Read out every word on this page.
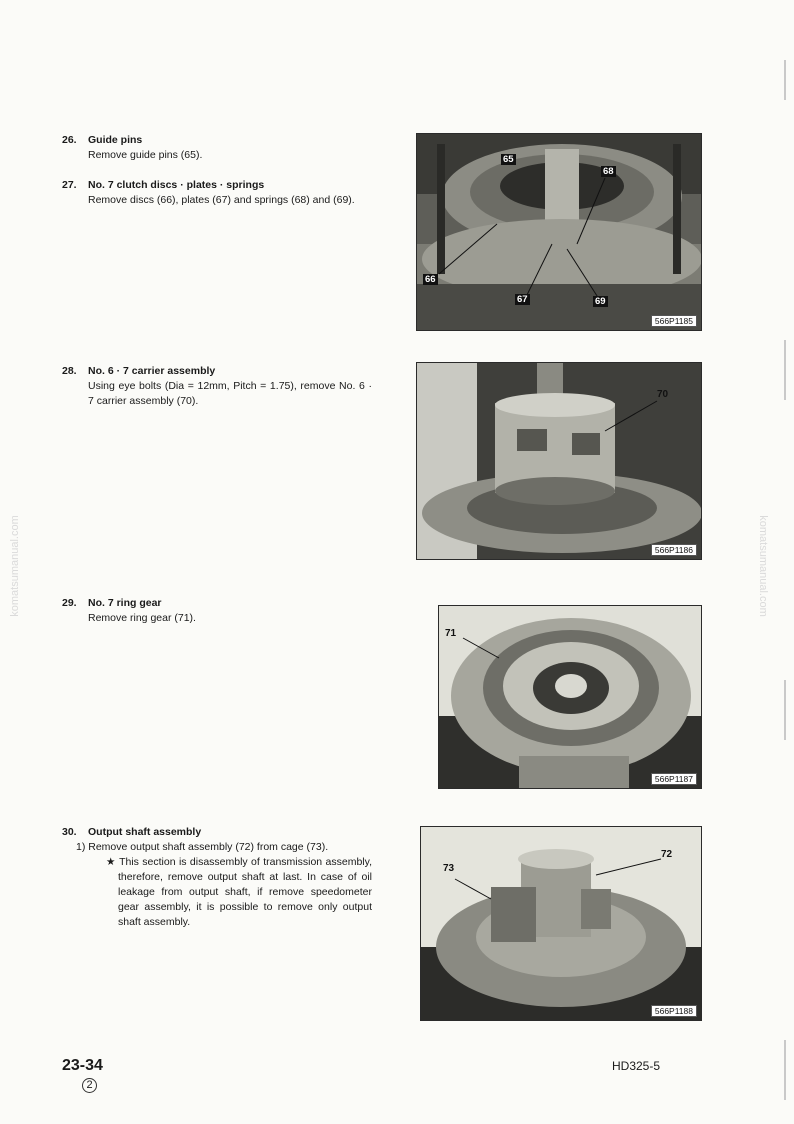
26. Guide pins
Remove guide pins (65).
27. No. 7 clutch discs · plates · springs
Remove discs (66), plates (67) and springs (68) and (69).
28. No. 6 · 7 carrier assembly
Using eye bolts (Dia = 12mm, Pitch = 1.75), remove No. 6 · 7 carrier assembly (70).
29. No. 7 ring gear
Remove ring gear (71).
30. Output shaft assembly
1) Remove output shaft assembly (72) from cage (73).
★ This section is disassembly of transmission assembly, therefore, remove output shaft at last. In case of oil leakage from output shaft, if remove speedometer gear assembly, it is possible to remove only output shaft assembly.
65
66
67
68
69
566P1185
70
566P1186
71
566P1187
73
72
566P1188
komatsumanual.com	komatsumanual.com
23-34
2
HD325-5
